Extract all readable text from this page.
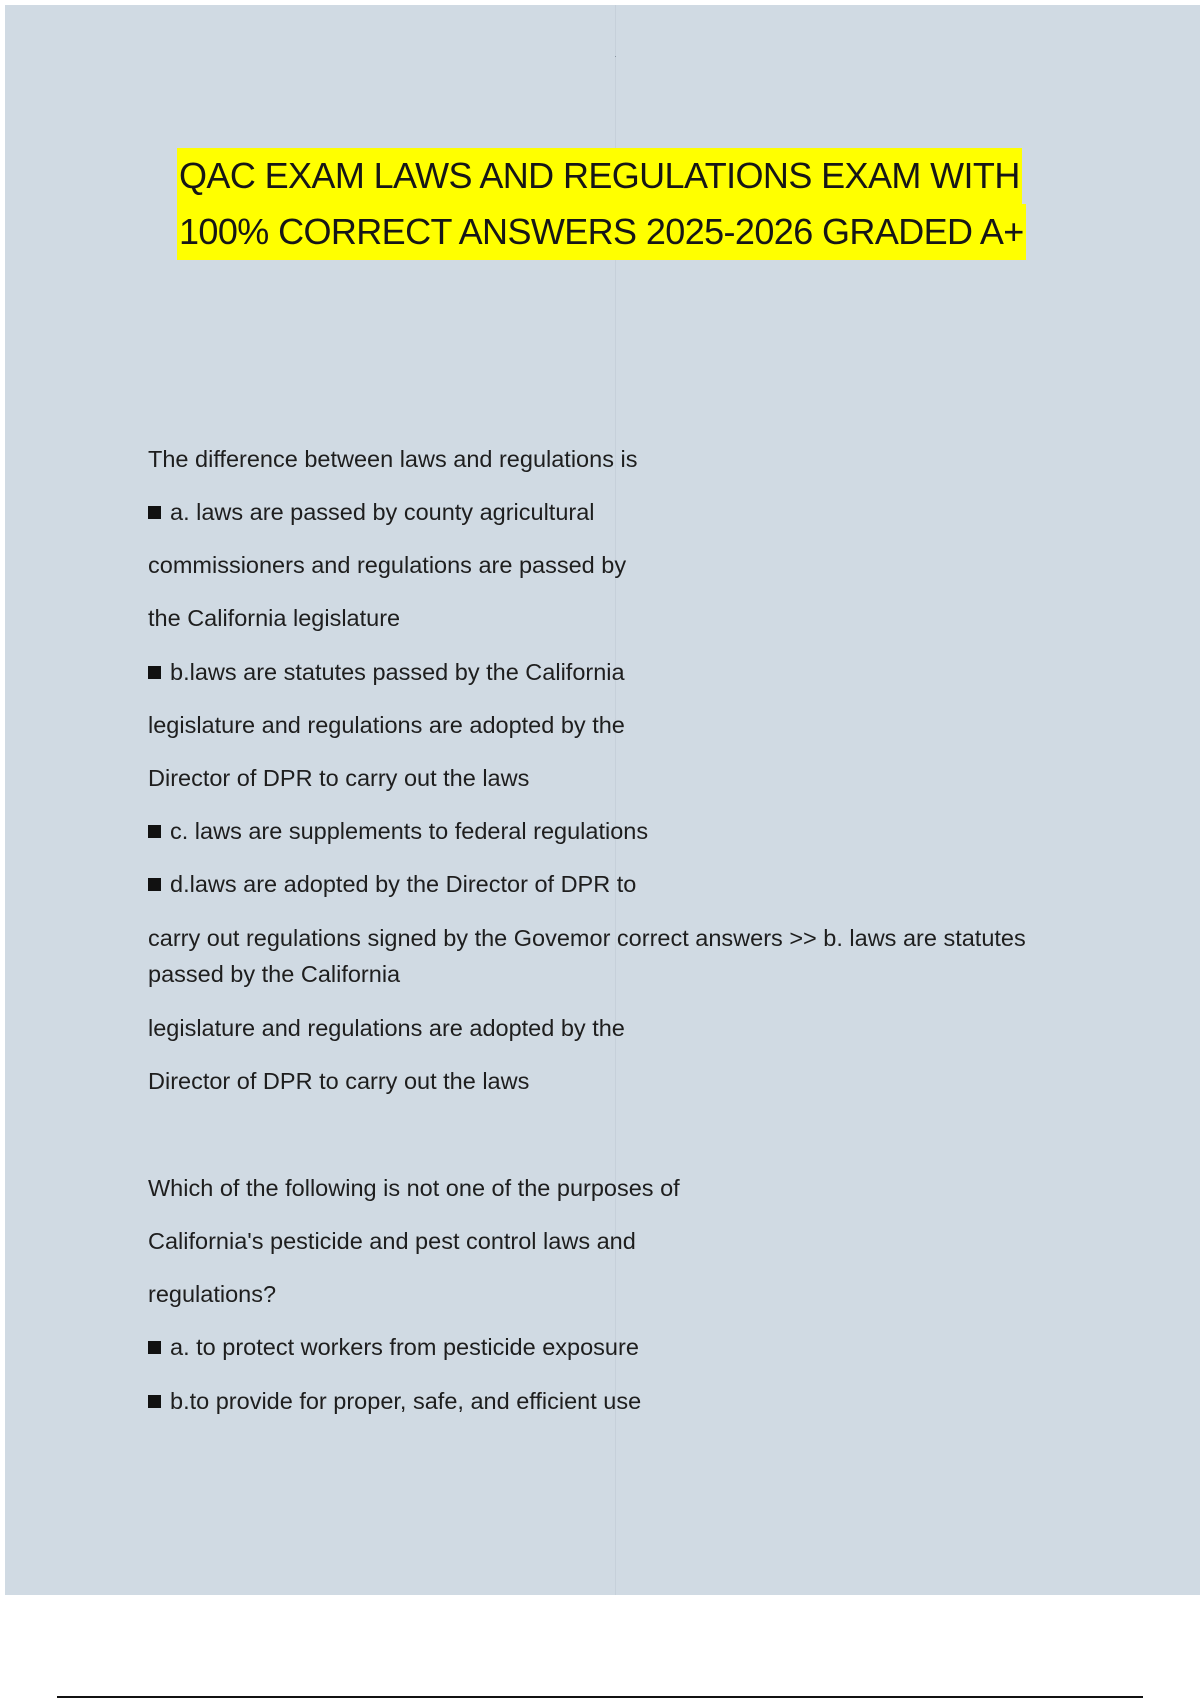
QAC EXAM LAWS AND REGULATIONS EXAM WITH
100% CORRECT ANSWERS 2025-2026 GRADED A+
The difference between laws and regulations is
a. laws are passed by county agricultural
commissioners and regulations are passed by
the California legislature
b.laws are statutes passed by the California
legislature and regulations are adopted by the
Director of DPR to carry out the laws
c. laws are supplements to federal regulations
d.laws are adopted by the Director of DPR to
carry out regulations signed by the Govemor correct answers >> b. laws are statutes passed by the California
legislature and regulations are adopted by the
Director of DPR to carry out the laws
Which of the following is not one of the purposes of
California's pesticide and pest control laws and
regulations?
a. to protect workers from pesticide exposure
b.to provide for proper, safe, and efficient use
